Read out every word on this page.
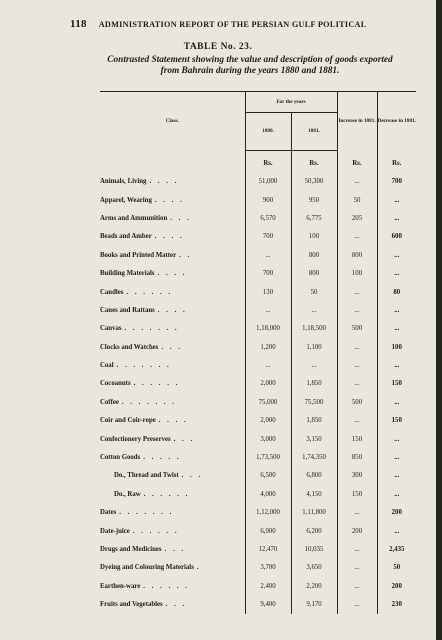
118 ADMINISTRATION REPORT OF THE PERSIAN GULF POLITICAL
TABLE No. 23.
Contrasted Statement showing the value and description of goods exported
from Bahrain during the years 1880 and 1881.
Class.	For the years		Increase in 1881.	Decrease in 1881.
	1880.	1881.		
	Rs.	Rs.	Rs.	Rs.
Animals, Living . . . .	51,000	50,300	...	700
Apparel, Wearing . . . .	900	950	50	...
Arms and Ammunition . . .	6,570	6,775	205	...
Beads and Amber . . . .	700	100	...	600
Books and Printed Matter . .	...	800	800	...
Building Materials . . . .	700	800	100	...
Candles . . . . . .	130	50	...	80
Canes and Rattans . . . .	...	...	...	...
Canvas . . . . . . .	1,18,000	1,18,500	500	...
Clocks and Watches . . .	1,200	1,100	...	100
Coal . . . . . . .	...	...	...	...
Cocoanuts . . . . . .	2,000	1,850	...	150
Coffee . . . . . . .	75,000	75,500	500	...
Coir and Coir-rope . . . .	2,000	1,850	...	150
Confectionery Preserves . . .	3,000	3,150	150	...
Cotton Goods . . . . .	1,73,500	1,74,350	850	...
Do., Thread and Twist . . .	6,500	6,800	300	...
Do., Raw . . . . . .	4,000	4,150	150	...
Dates . . . . . . .	1,12,000	1,11,800	...	200
Date-juice . . . . . .	6,000	6,200	200	...
Drugs and Medicines . . .	12,470	10,035	...	2,435
Dyeing and Colouring Materials .	3,700	3,650	...	50
Earthen-ware . . . . . .	2,400	2,200	...	200
Fruits and Vegetables . . .	9,400	9,170	...	230
